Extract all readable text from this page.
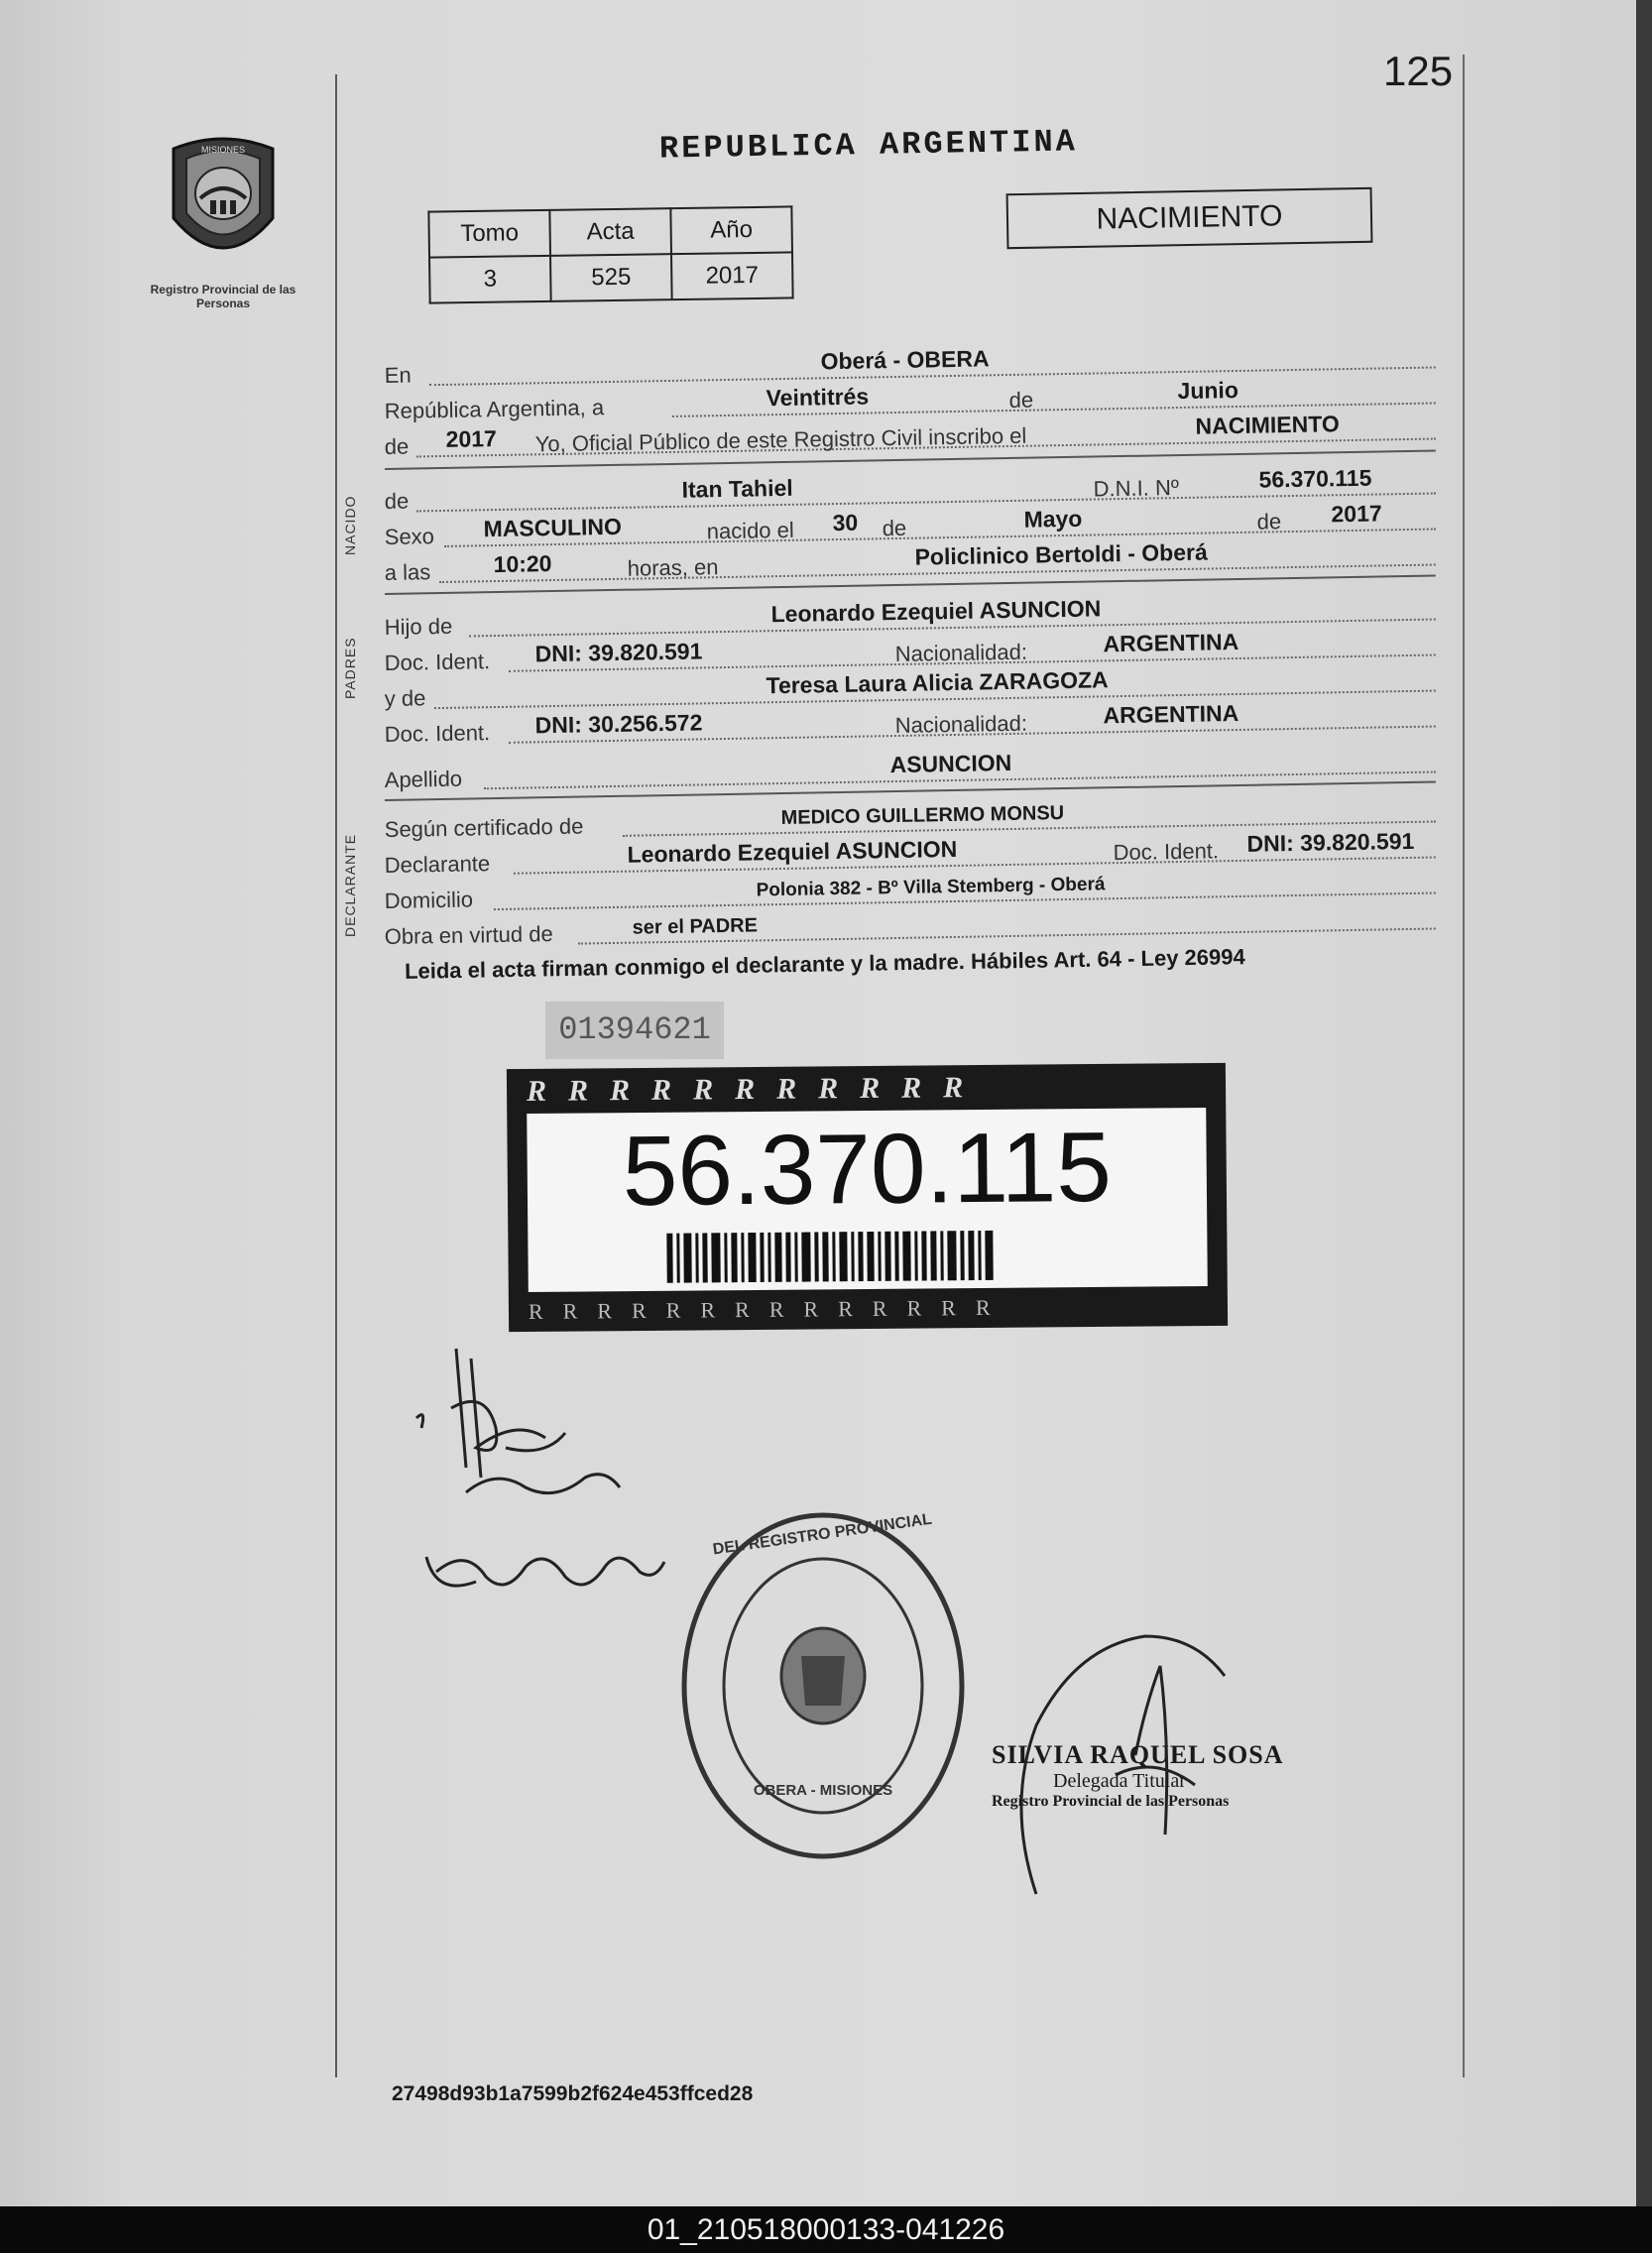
125
MISIONES
Registro Provincial de las Personas
REPUBLICA ARGENTINA
Tomo	Acta	Año
3	525	2017
NACIMIENTO
En
Oberá - OBERA
República Argentina, a	Veintitrés	de	Junio
de 2017 Yo, Oficial Público de este Registro Civil inscribo el	NACIMIENTO
NACIDO de	Itan Tahiel	D.N.I. Nº	56.370.115
Sexo MASCULINO	nacido el 30 de	Mayo	de 2017
a las	10:20	horas, en	Policlinico Bertoldi - Oberá
PADRES
Hijo de	Leonardo Ezequiel ASUNCION
Doc. Ident. DNI: 39.820.591	Nacionalidad:	ARGENTINA
y de	Teresa Laura Alicia ZARAGOZA
Doc. Ident. DNI: 30.256.572	Nacionalidad:	ARGENTINA
Apellido
ASUNCION
DECLARANTE
Según certificado de	MEDICO GUILLERMO MONSU
Declarante	Leonardo Ezequiel ASUNCION	Doc. Ident. DNI: 39.820.591
Domicilio	Polonia 382 - Bº Villa Stemberg - Oberá
Obra en virtud de	ser el PADRE
Leida el acta firman conmigo el declarante y la madre. Hábiles Art. 64 - Ley 26994
01394621
RRRRRRRRRRR
56.370.115
RRRRRRRRRRRRRR
DEL REGISTRO PROVINCIAL
OBERA - MISIONES
SILVIA RAQUEL SOSA
Delegada Titular
Registro Provincial de las Personas
27498d93b1a7599b2f624e453ffced28
01_210518000133-041226
